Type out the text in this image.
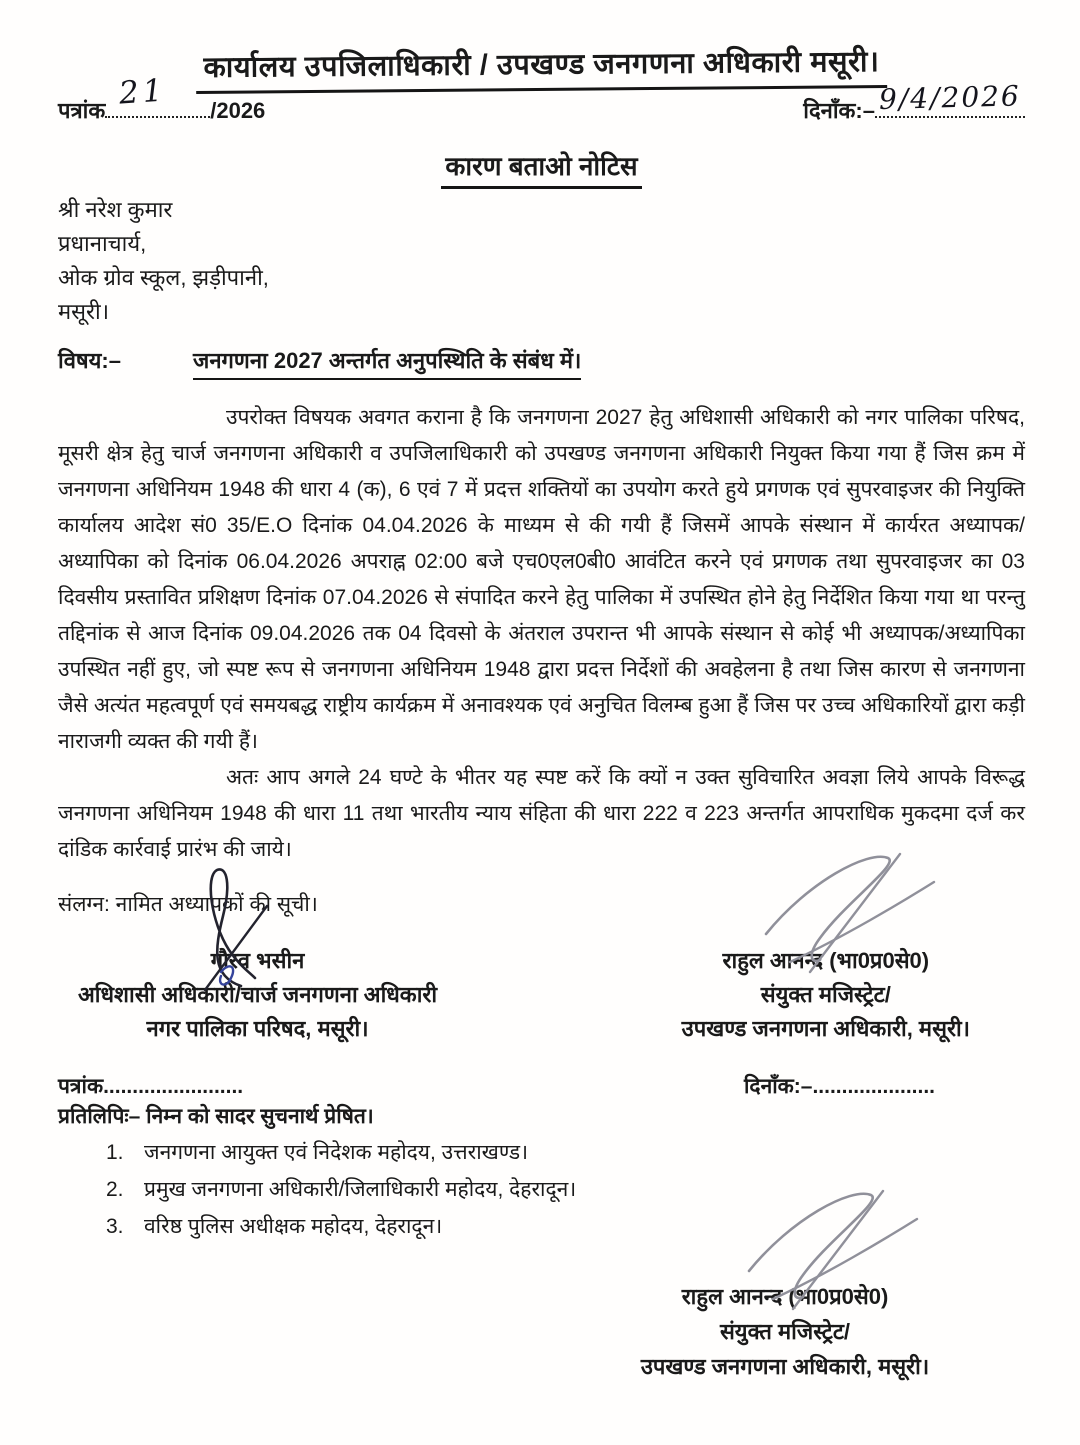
कार्यालय उपजिलाधिकारी / उपखण्ड जनगणना अधिकारी मसूरी।
पत्रांक 21 /2026	दिनाँक:– 9/4/2026
कारण बताओ नोटिस
श्री नरेश कुमार
प्रधानाचार्य,
ओक ग्रोव स्कूल, झड़ीपानी,
मसूरी।
विषय:–	जनगणना 2027 अन्तर्गत अनुपस्थिति के संबंध में।

उपरोक्त विषयक अवगत कराना है कि जनगणना 2027 हेतु अधिशासी अधिकारी को नगर पालिका परिषद, मूसरी क्षेत्र हेतु चार्ज जनगणना अधिकारी व उपजिलाधिकारी को उपखण्ड जनगणना अधिकारी नियुक्त किया गया हैं जिस क्रम में जनगणना अधिनियम 1948 की धारा 4 (क), 6 एवं 7 में प्रदत्त शक्तियों का उपयोग करते हुये प्रगणक एवं सुपरवाइजर की नियुक्ति कार्यालय आदेश सं0 35/E.O दिनांक 04.04.2026 के माध्यम से की गयी हैं जिसमें आपके संस्थान में कार्यरत अध्यापक/अध्यापिका को दिनांक 06.04.2026 अपराह्न 02:00 बजे एच0एल0बी0 आवंटित करने एवं प्रगणक तथा सुपरवाइजर का 03 दिवसीय प्रस्तावित प्रशिक्षण दिनांक 07.04.2026 से संपादित करने हेतु पालिका में उपस्थित होने हेतु निर्देशित किया गया था परन्तु तद्दिनांक से आज दिनांक 09.04.2026 तक 04 दिवसो के अंतराल उपरान्त भी आपके संस्थान से कोई भी अध्यापक/अध्यापिका उपस्थित नहीं हुए, जो स्पष्ट रूप से जनगणना अधिनियम 1948 द्वारा प्रदत्त निर्देशों की अवहेलना है तथा जिस कारण से जनगणना जैसे अत्यंत महत्वपूर्ण एवं समयबद्ध राष्ट्रीय कार्यक्रम में अनावश्यक एवं अनुचित विलम्ब हुआ हैं जिस पर उच्च अधिकारियों द्वारा कड़ी नाराजगी व्यक्त की गयी हैं।

अतः आप अगले 24 घण्टे के भीतर यह स्पष्ट करें कि क्यों न उक्त सुविचारित अवज्ञा लिये आपके विरूद्ध जनगणना अधिनियम 1948 की धारा 11 तथा भारतीय न्याय संहिता की धारा 222 व 223 अन्तर्गत आपराधिक मुकदमा दर्ज कर दांडिक कार्रवाई प्रारंभ की जाये।

संलग्न: नामित अध्यापकों की सूची।
गौरव भसीन
अधिशासी अधिकारी/चार्ज जनगणना अधिकारी
नगर पालिका परिषद, मसूरी।
राहुल आनन्द (भा0प्र0से0)
संयुक्त मजिस्ट्रेट/
उपखण्ड जनगणना अधिकारी, मसूरी।
पत्रांक........................	दिनाँक:–.....................
प्रतिलिपिः– निम्न को सादर सुचनार्थ प्रेषित।
1. जनगणना आयुक्त एवं निदेशक महोदय, उत्तराखण्ड।
2. प्रमुख जनगणना अधिकारी/जिलाधिकारी महोदय, देहरादून।
3. वरिष्ठ पुलिस अधीक्षक महोदय, देहरादून।
राहुल आनन्द (भा0प्र0से0)
संयुक्त मजिस्ट्रेट/
उपखण्ड जनगणना अधिकारी, मसूरी।
